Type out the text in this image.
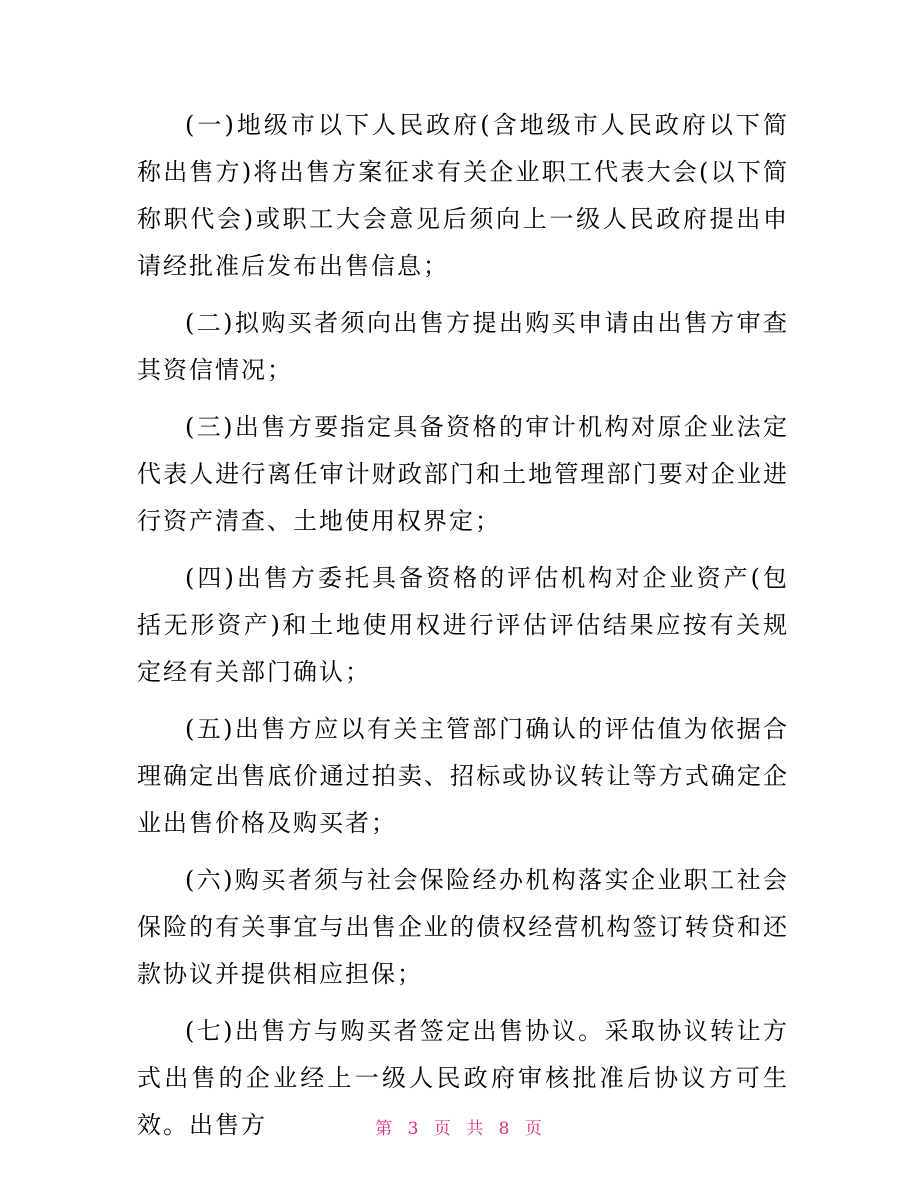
(一)地级市以下人民政府(含地级市人民政府以下简称出售方)将出售方案征求有关企业职工代表大会(以下简称职代会)或职工大会意见后须向上一级人民政府提出申请经批准后发布出售信息；

(二)拟购买者须向出售方提出购买申请由出售方审查其资信情况；

(三)出售方要指定具备资格的审计机构对原企业法定代表人进行离任审计财政部门和土地管理部门要对企业进行资产清查、土地使用权界定；

(四)出售方委托具备资格的评估机构对企业资产(包括无形资产)和土地使用权进行评估评估结果应按有关规定经有关部门确认；

(五)出售方应以有关主管部门确认的评估值为依据合理确定出售底价通过拍卖、招标或协议转让等方式确定企业出售价格及购买者；

(六)购买者须与社会保险经办机构落实企业职工社会保险的有关事宜与出售企业的债权经营机构签订转贷和还款协议并提供相应担保；

(七)出售方与购买者签定出售协议。采取协议转让方式出售的企业经上一级人民政府审核批准后协议方可生效。出售方	第 3 页 共 8 页
